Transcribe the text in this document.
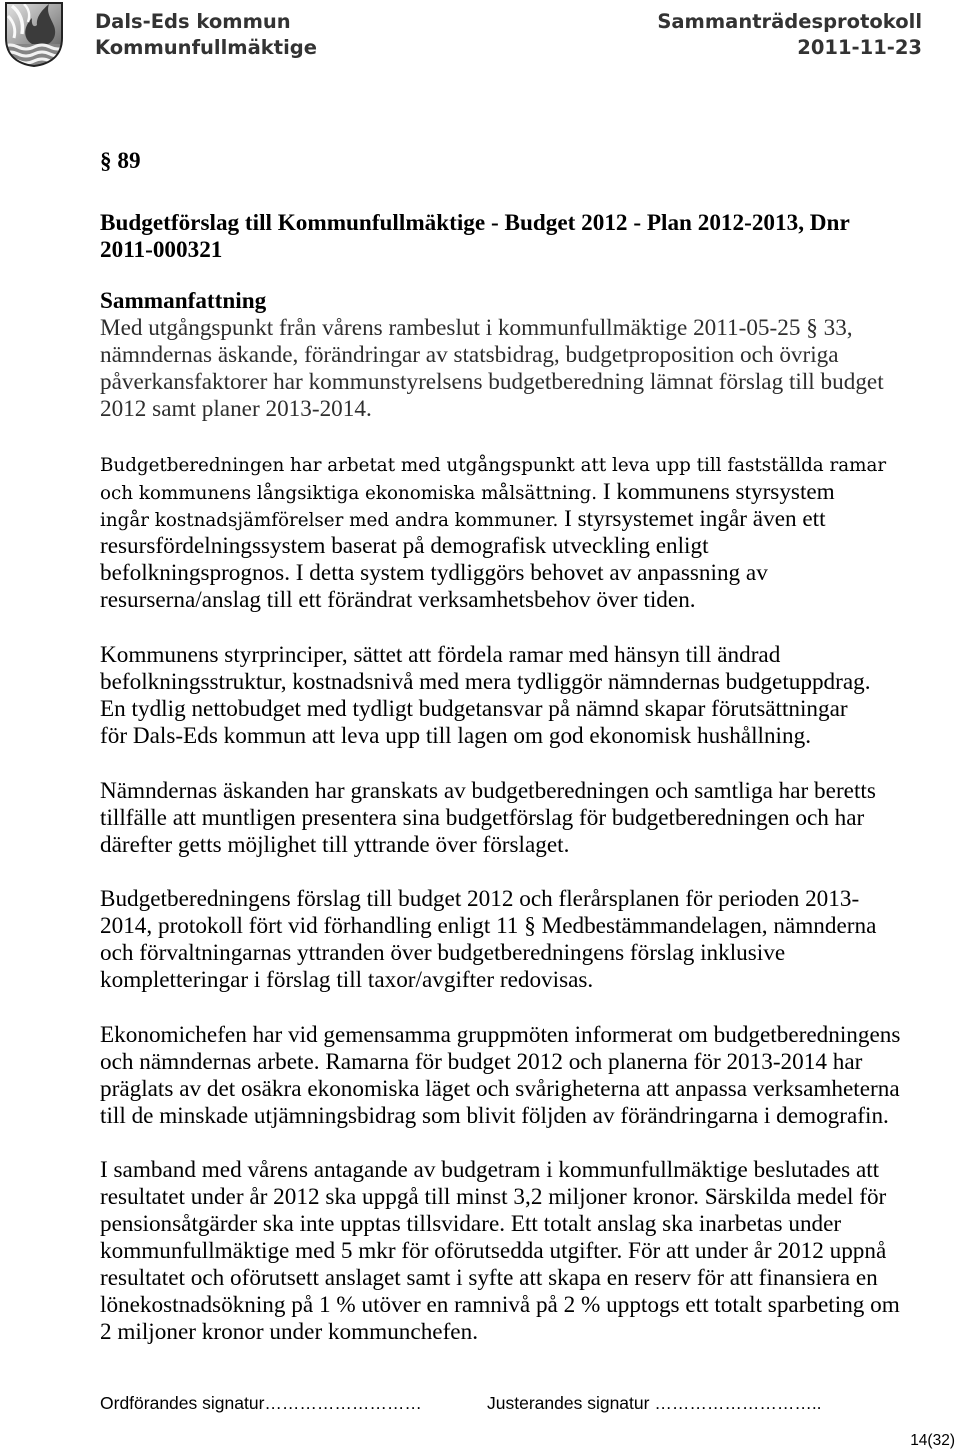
Dals-Eds kommun
Kommunfullmäktige
Sammanträdesprotokoll
2011-11-23
§ 89
Budgetförslag till Kommunfullmäktige - Budget 2012 - Plan 2012-2013, Dnr
2011-000321
Sammanfattning
Med utgångspunkt från vårens rambeslut i kommunfullmäktige 2011-05-25 § 33,
nämndernas äskande, förändringar av statsbidrag, budgetproposition och övriga
påverkansfaktorer har kommunstyrelsens budgetberedning lämnat förslag till budget
2012 samt planer 2013-2014.
Budgetberedningen har arbetat med utgångspunkt att leva upp till fastställda ramar
och kommunens långsiktiga ekonomiska målsättning. I kommunens styrsystem
ingår kostnadsjämförelser med andra kommuner. I styrsystemet ingår även ett
resursfördelningssystem baserat på demografisk utveckling enligt
befolkningsprognos. I detta system tydliggörs behovet av anpassning av
resurserna/anslag till ett förändrat verksamhetsbehov över tiden.
Kommunens styrprinciper, sättet att fördela ramar med hänsyn till ändrad
befolkningsstruktur, kostnadsnivå med mera tydliggör nämndernas budgetuppdrag.
En tydlig nettobudget med tydligt budgetansvar på nämnd skapar förutsättningar
för Dals-Eds kommun att leva upp till lagen om god ekonomisk hushållning.
Nämndernas äskanden har granskats av budgetberedningen och samtliga har beretts
tillfälle att muntligen presentera sina budgetförslag för budgetberedningen och har
därefter getts möjlighet till yttrande över förslaget.
Budgetberedningens förslag till budget 2012 och flerårsplanen för perioden 2013-
2014, protokoll fört vid förhandling enligt 11 § Medbestämmandelagen, nämnderna
och förvaltningarnas yttranden över budgetberedningens förslag inklusive
kompletteringar i förslag till taxor/avgifter redovisas.
Ekonomichefen har vid gemensamma gruppmöten informerat om budgetberedningens
och nämndernas arbete. Ramarna för budget 2012 och planerna för 2013-2014 har
präglats av det osäkra ekonomiska läget och svårigheterna att anpassa verksamheterna
till de minskade utjämningsbidrag som blivit följden av förändringarna i demografin.
I samband med vårens antagande av budgetram i kommunfullmäktige beslutades att
resultatet under år 2012 ska uppgå till minst 3,2 miljoner kronor. Särskilda medel för
pensionsåtgärder ska inte upptas tillsvidare. Ett totalt anslag ska inarbetas under
kommunfullmäktige med 5 mkr för oförutsedda utgifter. För att under år 2012 uppnå
resultatet och oförutsett anslaget samt i syfte att skapa en reserv för att finansiera en
lönekostnadsökning på 1 % utöver en ramnivå på 2 % upptogs ett totalt sparbeting om
2 miljoner kronor under kommunchefen.
Ordförandes signatur………………………	Justerandes signatur ………………………..
14(32)
